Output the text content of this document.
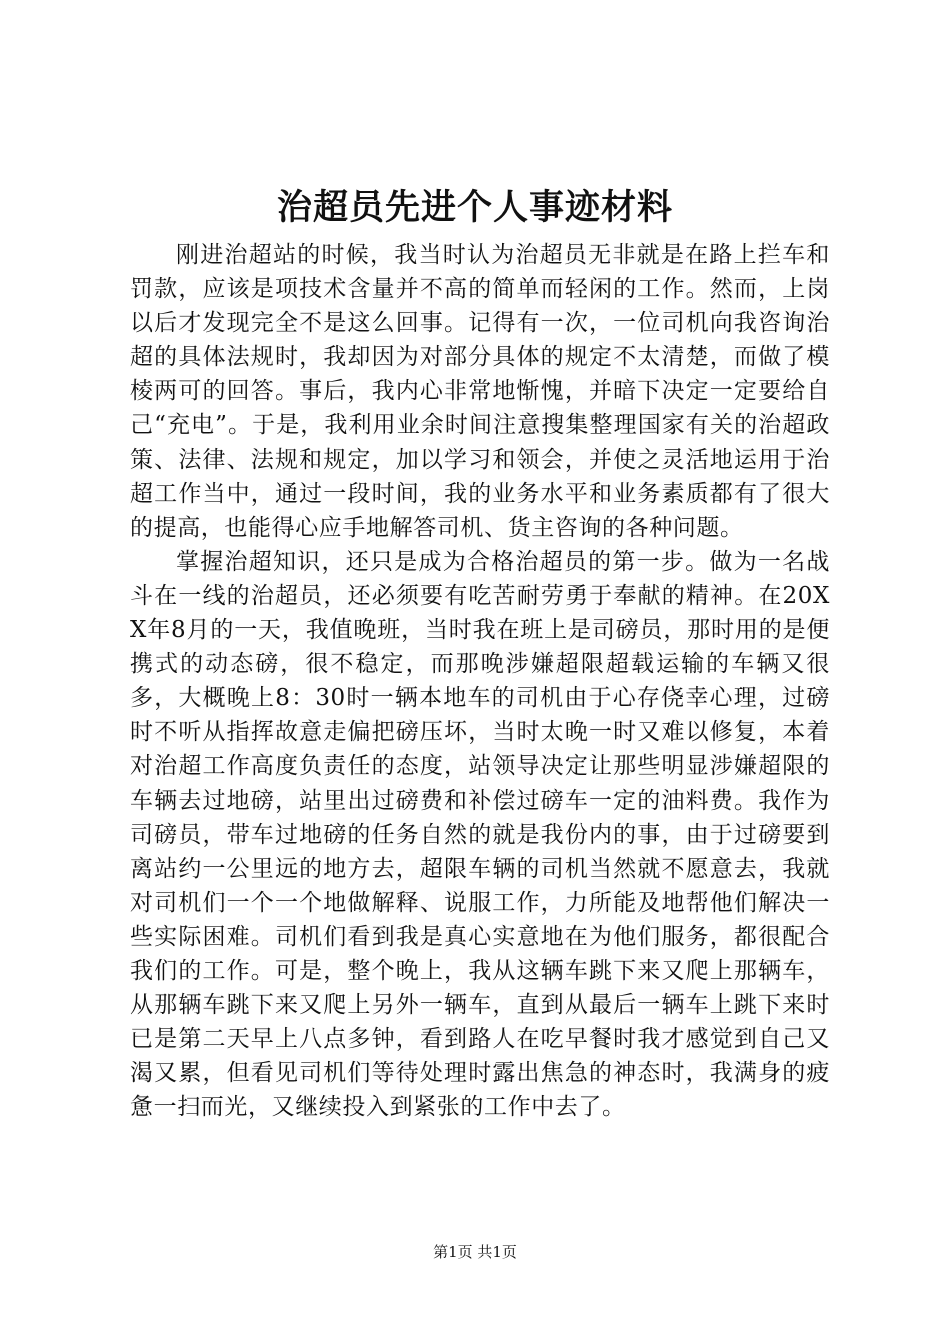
治超员先进个人事迹材料

刚进治超站的时候，我当时认为治超员无非就是在路上拦车和罚款，应该是项技术含量并不高的简单而轻闲的工作。然而，上岗以后才发现完全不是这么回事。记得有一次，一位司机向我咨询治超的具体法规时，我却因为对部分具体的规定不太清楚，而做了模棱两可的回答。事后，我内心非常地惭愧，并暗下决定一定要给自己“充电”。于是，我利用业余时间注意搜集整理国家有关的治超政策、法律、法规和规定，加以学习和领会，并使之灵活地运用于治超工作当中，通过一段时间，我的业务水平和业务素质都有了很大的提高，也能得心应手地解答司机、货主咨询的各种问题。

掌握治超知识，还只是成为合格治超员的第一步。做为一名战斗在一线的治超员，还必须要有吃苦耐劳勇于奉献的精神。在20XX年8月的一天，我值晚班，当时我在班上是司磅员，那时用的是便携式的动态磅，很不稳定，而那晚涉嫌超限超载运输的车辆又很多，大概晚上8：30时一辆本地车的司机由于心存侥幸心理，过磅时不听从指挥故意走偏把磅压坏，当时太晚一时又难以修复，本着对治超工作高度负责任的态度，站领导决定让那些明显涉嫌超限的车辆去过地磅，站里出过磅费和补偿过磅车一定的油料费。我作为司磅员，带车过地磅的任务自然的就是我份内的事，由于过磅要到离站约一公里远的地方去，超限车辆的司机当然就不愿意去，我就对司机们一个一个地做解释、说服工作，力所能及地帮他们解决一些实际困难。司机们看到我是真心实意地在为他们服务，都很配合我们的工作。可是，整个晚上，我从这辆车跳下来又爬上那辆车，从那辆车跳下来又爬上另外一辆车，直到从最后一辆车上跳下来时已是第二天早上八点多钟，看到路人在吃早餐时我才感觉到自己又渴又累，但看见司机们等待处理时露出焦急的神态时，我满身的疲惫一扫而光，又继续投入到紧张的工作中去了。

第1页 共1页
